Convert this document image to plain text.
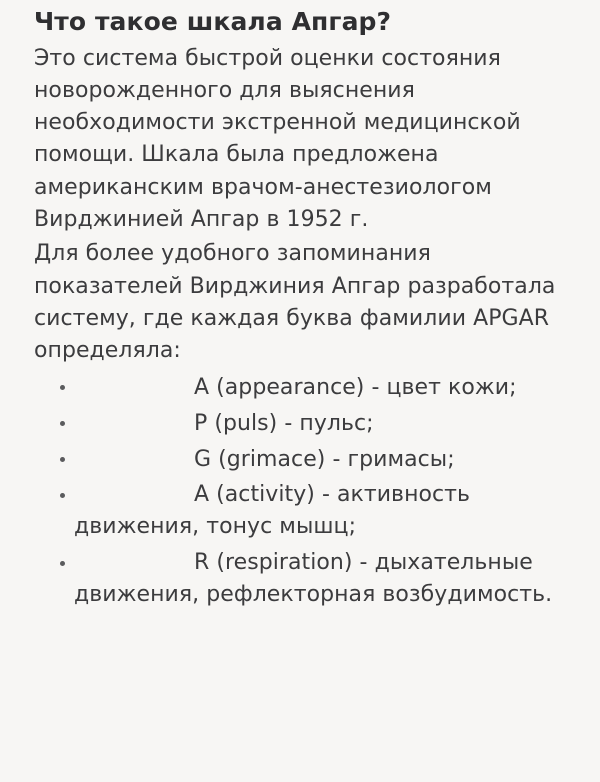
Что такое шкала Апгар?

Это система быстрой оценки состояния новорожденного для выяснения необходимости экстренной медицинской помощи. Шкала была предложена американским врачом-анестезиологом Вирджинией Апгар в 1952 г.

Для более удобного запоминания показателей Вирджиния Апгар разработала систему, где каждая буква фамилии APGAR определяла:

A (appearance) - цвет кожи;
P (puls) - пульс;
G (grimace) - гримасы;
A (activity) - активность движения, тонус мышц;
R (respiration) - дыхательные движения, рефлекторная возбудимость.
